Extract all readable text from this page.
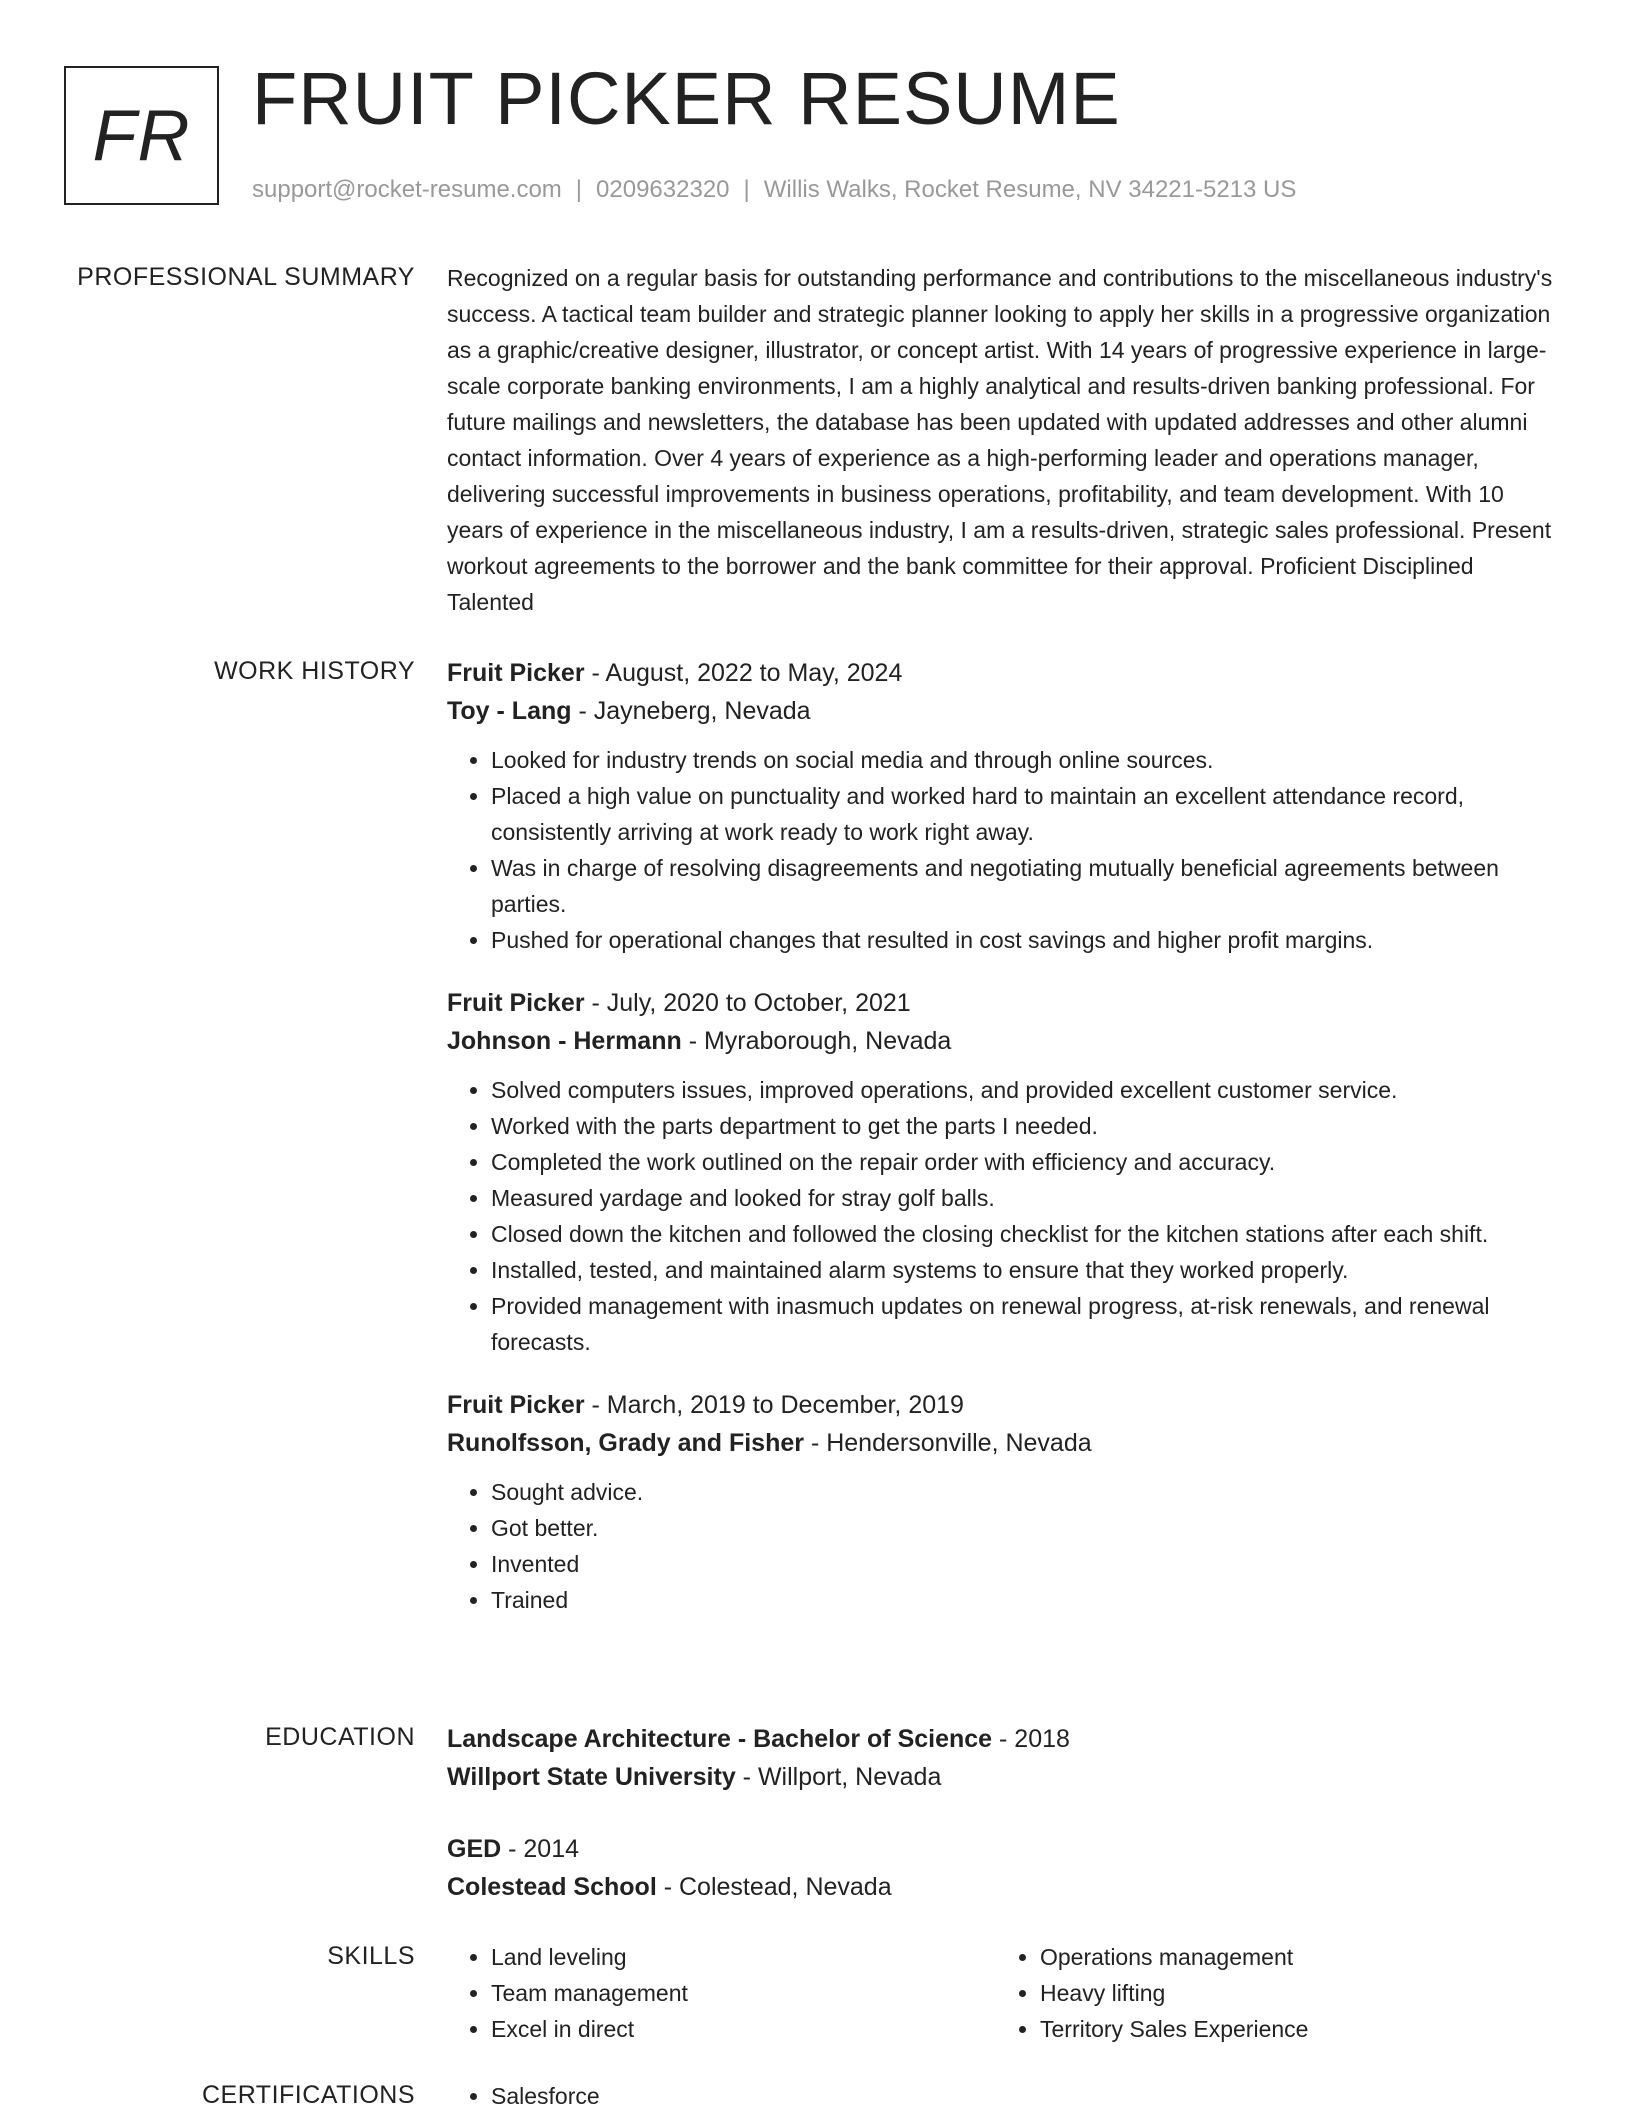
FR FRUIT PICKER RESUME
support@rocket-resume.com | 0209632320 | Willis Walks, Rocket Resume, NV 34221-5213 US
PROFESSIONAL SUMMARY Recognized on a regular basis for outstanding performance and contributions to the miscellaneous industry's success. A tactical team builder and strategic planner looking to apply her skills in a progressive organization as a graphic/creative designer, illustrator, or concept artist. With 14 years of progressive experience in large-scale corporate banking environments, I am a highly analytical and results-driven banking professional. For future mailings and newsletters, the database has been updated with updated addresses and other alumni contact information. Over 4 years of experience as a high-performing leader and operations manager, delivering successful improvements in business operations, profitability, and team development. With 10 years of experience in the miscellaneous industry, I am a results-driven, strategic sales professional. Present workout agreements to the borrower and the bank committee for their approval. Proficient Disciplined Talented

WORK HISTORY Fruit Picker - August, 2022 to May, 2024
Toy - Lang - Jayneberg, Nevada
• Looked for industry trends on social media and through online sources.
• Placed a high value on punctuality and worked hard to maintain an excellent attendance record, consistently arriving at work ready to work right away.
• Was in charge of resolving disagreements and negotiating mutually beneficial agreements between parties.
• Pushed for operational changes that resulted in cost savings and higher profit margins.
Fruit Picker - July, 2020 to October, 2021
Johnson - Hermann - Myraborough, Nevada
• Solved computers issues, improved operations, and provided excellent customer service.
• Worked with the parts department to get the parts I needed.
• Completed the work outlined on the repair order with efficiency and accuracy.
• Measured yardage and looked for stray golf balls.
• Closed down the kitchen and followed the closing checklist for the kitchen stations after each shift.
• Installed, tested, and maintained alarm systems to ensure that they worked properly.
• Provided management with inasmuch updates on renewal progress, at-risk renewals, and renewal forecasts.
Fruit Picker - March, 2019 to December, 2019
Runolfsson, Grady and Fisher - Hendersonville, Nevada
• Sought advice.
• Got better.
• Invented
• Trained
EDUCATION Landscape Architecture - Bachelor of Science - 2018
Willport State University - Willport, Nevada
GED - 2014
Colestead School - Colestead, Nevada
SKILLS	• Land leveling
• Team management
• Excel in direct
• Operations management
• Heavy lifting
• Territory Sales Experience
CERTIFICATIONS	• Salesforce
